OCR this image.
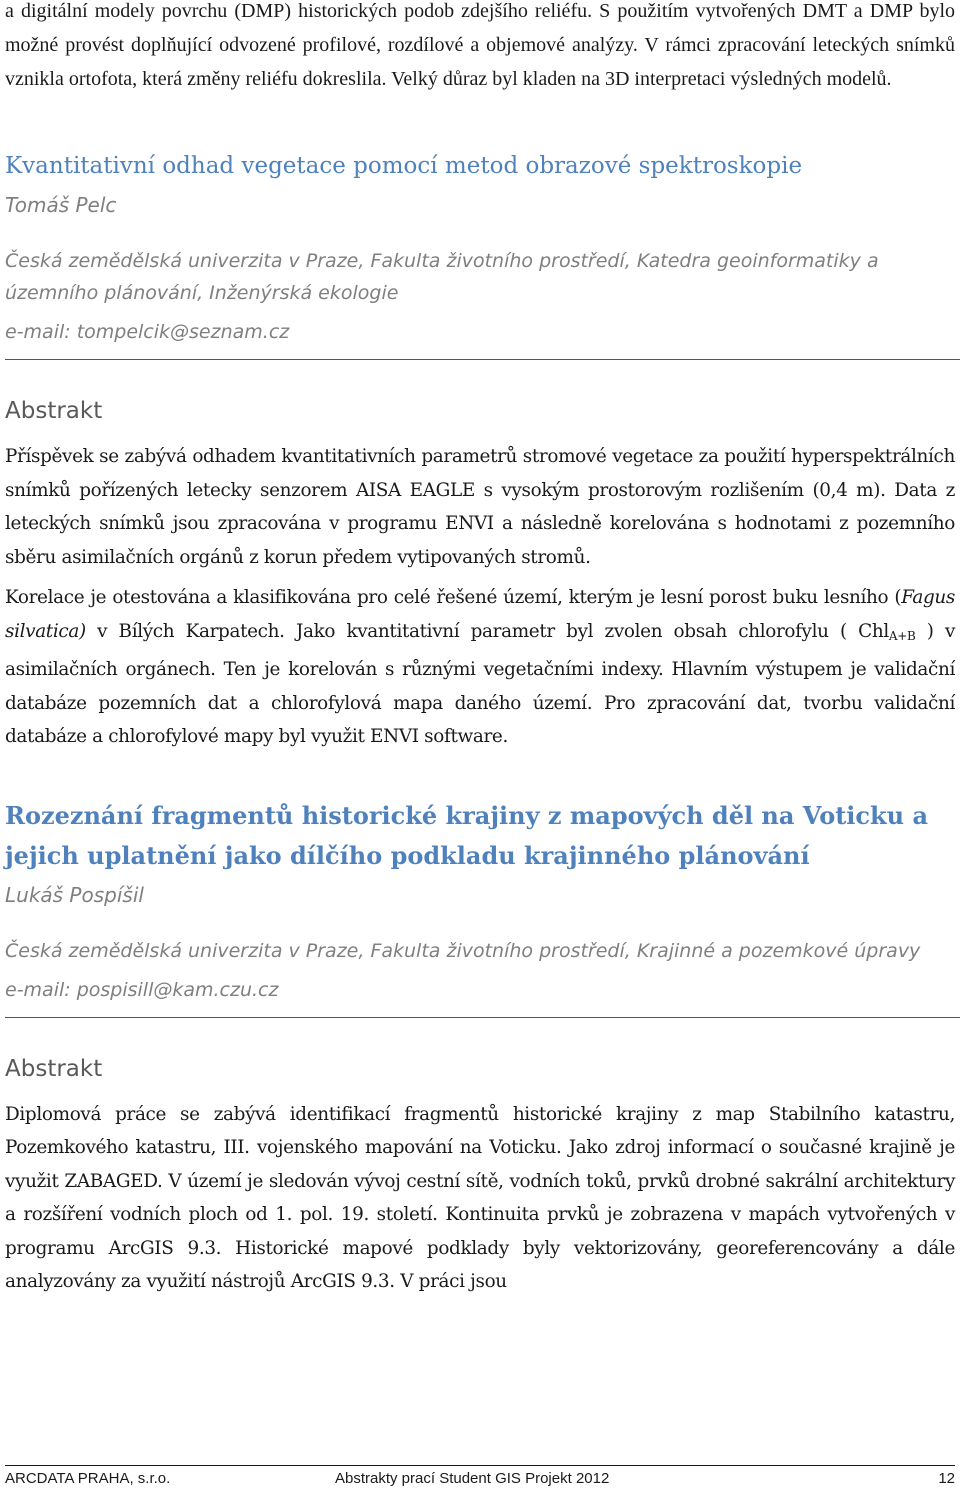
a digitální modely povrchu (DMP) historických podob zdejšího reliéfu. S použitím vytvořených DMT a DMP bylo možné provést doplňující odvozené profilové, rozdílové a objemové analýzy. V rámci zpracování leteckých snímků vznikla ortofota, která změny reliéfu dokreslila. Velký důraz byl kladen na 3D interpretaci výsledných modelů.

Kvantitativní odhad vegetace pomocí metod obrazové spektroskopie
Tomáš Pelc
Česká zemědělská univerzita v Praze, Fakulta životního prostředí, Katedra geoinformatiky a územního plánování, Inženýrská ekologie
e-mail: tompelcik@seznam.cz
Abstrakt

Příspěvek se zabývá odhadem kvantitativních parametrů stromové vegetace za použití hyperspektrálních snímků pořízených letecky senzorem AISA EAGLE s vysokým prostorovým rozlišením (0,4 m). Data z leteckých snímků jsou zpracována v programu ENVI a následně korelována s hodnotami z pozemního sběru asimilačních orgánů z korun předem vytipovaných stromů.

Korelace je otestována a klasifikována pro celé řešené území, kterým je lesní porost buku lesního (Fagus silvatica) v Bílých Karpatech. Jako kvantitativní parametr byl zvolen obsah chlorofylu ( Chl$_{A+B}$ ) v asimilačních orgánech. Ten je korelován s různými vegetačními indexy. Hlavním výstupem je validační databáze pozemních dat a chlorofylová mapa daného území. Pro zpracování dat, tvorbu validační databáze a chlorofylové mapy byl využit ENVI software.

Rozeznání fragmentů historické krajiny z mapových děl na Voticku a jejich uplatnění jako dílčího podkladu krajinného plánování
Lukáš Pospíšil
Česká zemědělská univerzita v Praze, Fakulta životního prostředí, Krajinné a pozemkové úpravy
e-mail: pospisill@kam.czu.cz
Abstrakt

Diplomová práce se zabývá identifikací fragmentů historické krajiny z map Stabilního katastru, Pozemkového katastru, III. vojenského mapování na Voticku. Jako zdroj informací o současné krajině je využit ZABAGED. V území je sledován vývoj cestní sítě, vodních toků, prvků drobné sakrální architektury a rozšíření vodních ploch od 1. pol. 19. století. Kontinuita prvků je zobrazena v mapách vytvořených v programu ArcGIS 9.3. Historické mapové podklady byly vektorizovány, georeferencovány a dále analyzovány za využití nástrojů ArcGIS 9.3. V práci jsou

ARCDATA PRAHA, s.r.o.	Abstrakty prací Student GIS Projekt 2012	12
